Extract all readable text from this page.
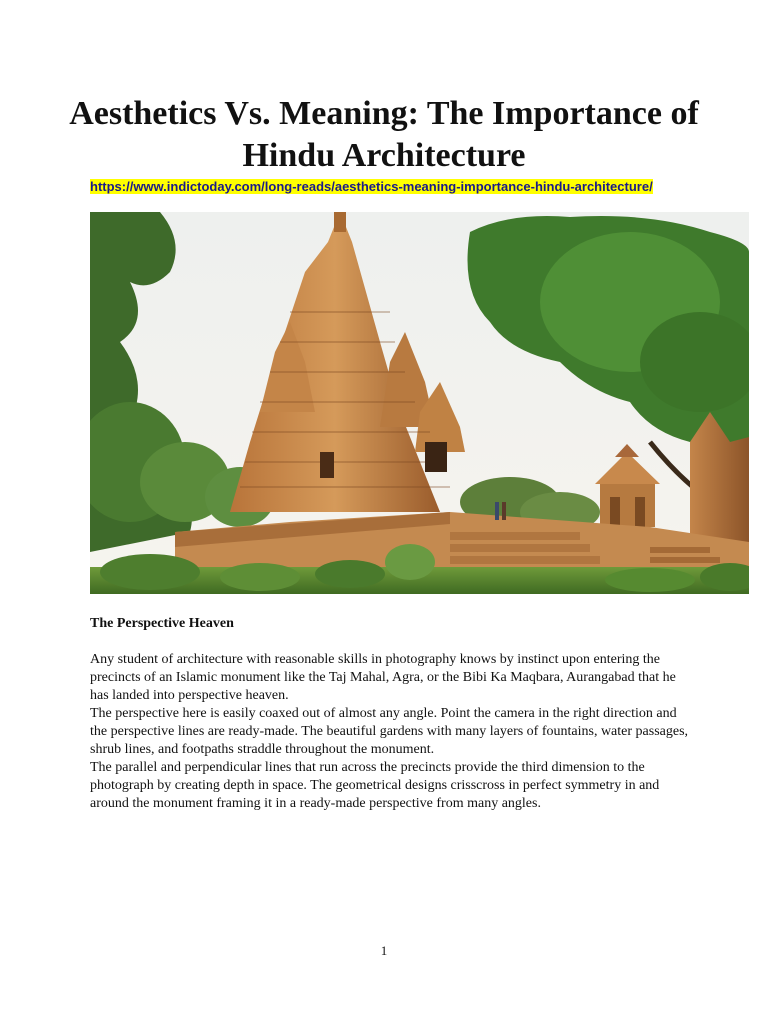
Aesthetics Vs. Meaning: The Importance of Hindu Architecture
https://www.indictoday.com/long-reads/aesthetics-meaning-importance-hindu-architecture/
The Perspective Heaven

Any student of architecture with reasonable skills in photography knows by instinct upon entering the precincts of an Islamic monument like the Taj Mahal, Agra, or the Bibi Ka Maqbara, Aurangabad that he has landed into perspective heaven.

The perspective here is easily coaxed out of almost any angle. Point the camera in the right direction and the perspective lines are ready-made. The beautiful gardens with many layers of fountains, water passages, shrub lines, and footpaths straddle throughout the monument.

The parallel and perpendicular lines that run across the precincts provide the third dimension to the photograph by creating depth in space. The geometrical designs crisscross in perfect symmetry in and around the monument framing it in a ready-made perspective from many angles.

1
